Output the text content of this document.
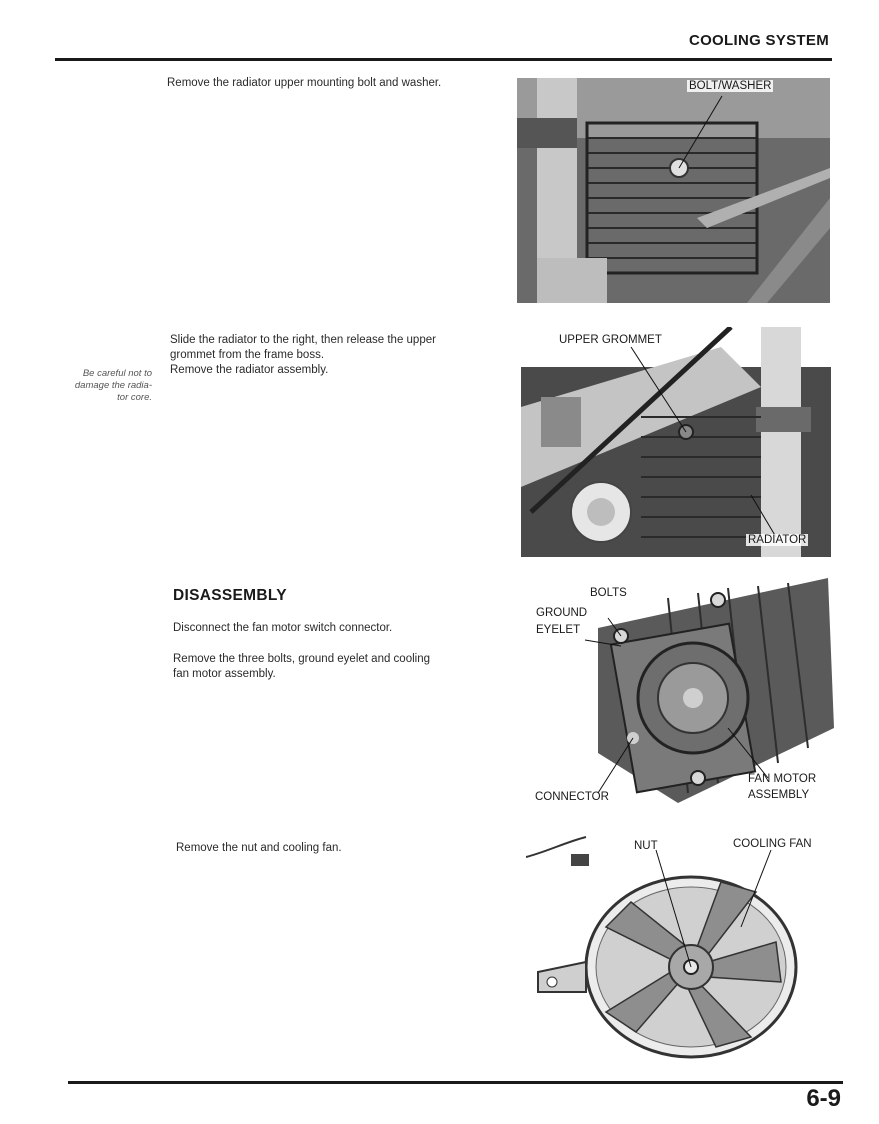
COOLING SYSTEM
Remove the radiator upper mounting bolt and washer.	BOLT/WASHER
Slide the radiator to the right, then release the upper
grommet from the frame boss.
Remove the radiator assembly.
Be careful not to
damage the radia-
tor core.
UPPER GROMMET
RADIATOR
DISASSEMBLY
Disconnect the fan motor switch connector.
Remove the three bolts, ground eyelet and cooling
fan motor assembly.
BOLTS
GROUND
EYELET
CONNECTOR
FAN MOTOR
ASSEMBLY
Remove the nut and cooling fan.	NUT	COOLING FAN
6-9
